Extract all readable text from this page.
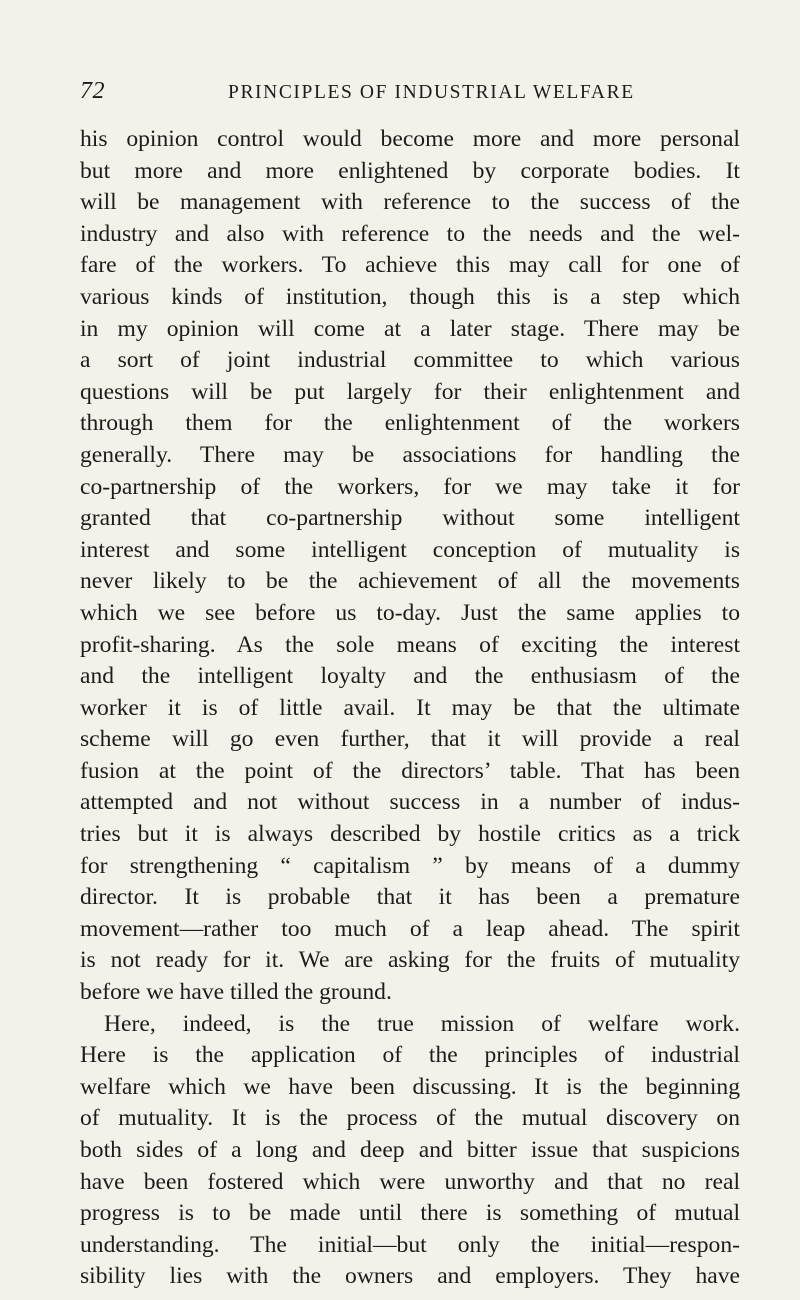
72	PRINCIPLES OF INDUSTRIAL WELFARE
his opinion control would become more and more personal
but more and more enlightened by corporate bodies. It
will be management with reference to the success of the
industry and also with reference to the needs and the wel-
fare of the workers. To achieve this may call for one of
various kinds of institution, though this is a step which
in my opinion will come at a later stage. There may be
a sort of joint industrial committee to which various
questions will be put largely for their enlightenment and
through them for the enlightenment of the workers
generally. There may be associations for handling the
co-partnership of the workers, for we may take it for
granted that co-partnership without some intelligent
interest and some intelligent conception of mutuality is
never likely to be the achievement of all the movements
which we see before us to-day. Just the same applies to
profit-sharing. As the sole means of exciting the interest
and the intelligent loyalty and the enthusiasm of the
worker it is of little avail. It may be that the ultimate
scheme will go even further, that it will provide a real
fusion at the point of the directors’ table. That has been
attempted and not without success in a number of indus-
tries but it is always described by hostile critics as a trick
for strengthening “ capitalism ” by means of a dummy
director. It is probable that it has been a premature
movement—rather too much of a leap ahead. The spirit
is not ready for it. We are asking for the fruits of mutuality
before we have tilled the ground.
Here, indeed, is the true mission of welfare work.
Here is the application of the principles of industrial
welfare which we have been discussing. It is the beginning
of mutuality. It is the process of the mutual discovery on
both sides of a long and deep and bitter issue that suspicions
have been fostered which were unworthy and that no real
progress is to be made until there is something of mutual
understanding. The initial—but only the initial—respon-
sibility lies with the owners and employers. They have
